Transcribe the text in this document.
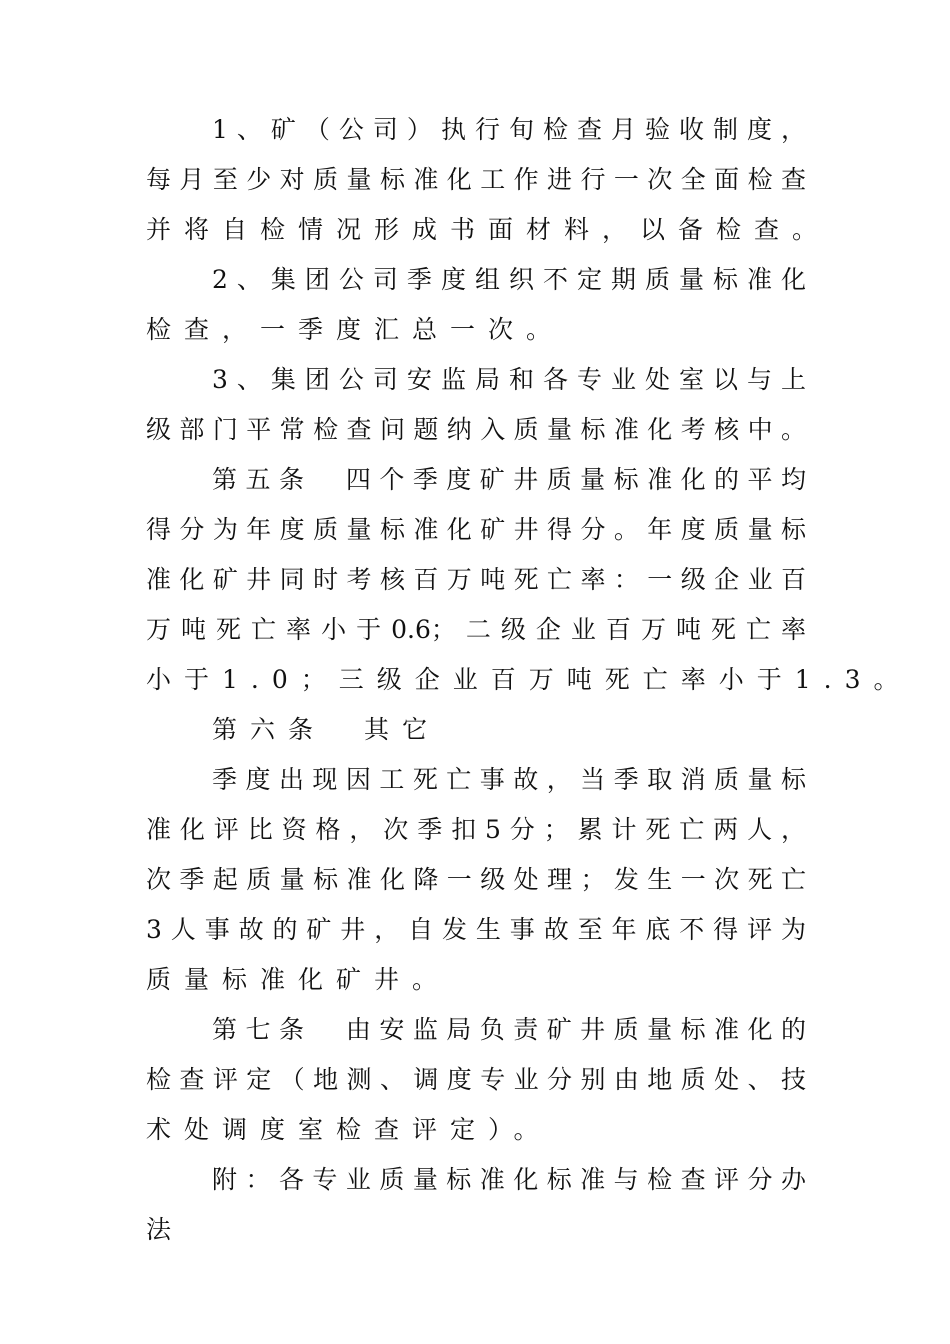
1、矿（公司）执行旬检查月验收制度，
每月至少对质量标准化工作进行一次全面检查
并将自检情况形成书面材料，以备检查。
2、集团公司季度组织不定期质量标准化
检查，一季度汇总一次。
3、集团公司安监局和各专业处室以与上
级部门平常检查问题纳入质量标准化考核中。
第五条　四个季度矿井质量标准化的平均
得分为年度质量标准化矿井得分。年度质量标
准化矿井同时考核百万吨死亡率：一级企业百
万吨死亡率小于0.6；二级企业百万吨死亡率
小于1.0；三级企业百万吨死亡率小于1.3。
第六条　其它
季度出现因工死亡事故，当季取消质量标
准化评比资格，次季扣5分；累计死亡两人，
次季起质量标准化降一级处理；发生一次死亡
3人事故的矿井，自发生事故至年底不得评为
质量标准化矿井。
第七条　由安监局负责矿井质量标准化的
检查评定（地测、调度专业分别由地质处、技
术处调度室检查评定）。
附：各专业质量标准化标准与检查评分办
法
